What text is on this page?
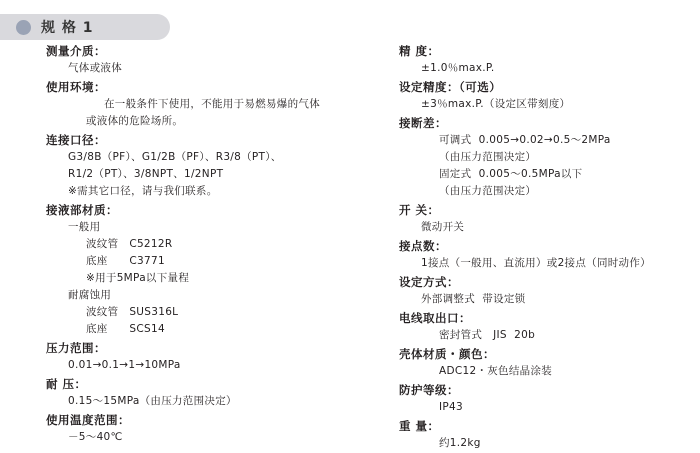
规 格 1
测量介质：
气体或液体
使用环境：
在一般条件下使用，不能用于易燃易爆的气体
或液体的危险场所。
连接口径：
G3/8B（PF）、G1/2B（PF）、R3/8（PT）、
R1/2（PT）、3/8NPT、1/2NPT
※需其它口径，请与我们联系。
接液部材质：
一般用
波纹管   C5212R
底座      C3771
※用于5MPa以下量程
耐腐蚀用
波纹管   SUS316L
底座      SCS14
压力范围：
0.01→0.1→1→10MPa
耐 压：
0.15～15MPa（由压力范围决定）
使用温度范围：
－5～40℃
精 度：
±1.0％max.P.
设定精度：（可选）
±3％max.P.（设定区带刻度）
接断差：
可调式  0.005→0.02→0.5～2MPa
（由压力范围决定）
固定式  0.005～0.5MPa以下
（由压力范围决定）
开 关：
微动开关
接点数：
1接点（一般用、直流用）或2接点（同时动作）
设定方式：
外部调整式  带设定锁
电线取出口：
密封管式   JIS  20b
壳体材质・颜色：
ADC12・灰色结晶涂装
防护等级：
IP43
重 量：
约1.2kg
